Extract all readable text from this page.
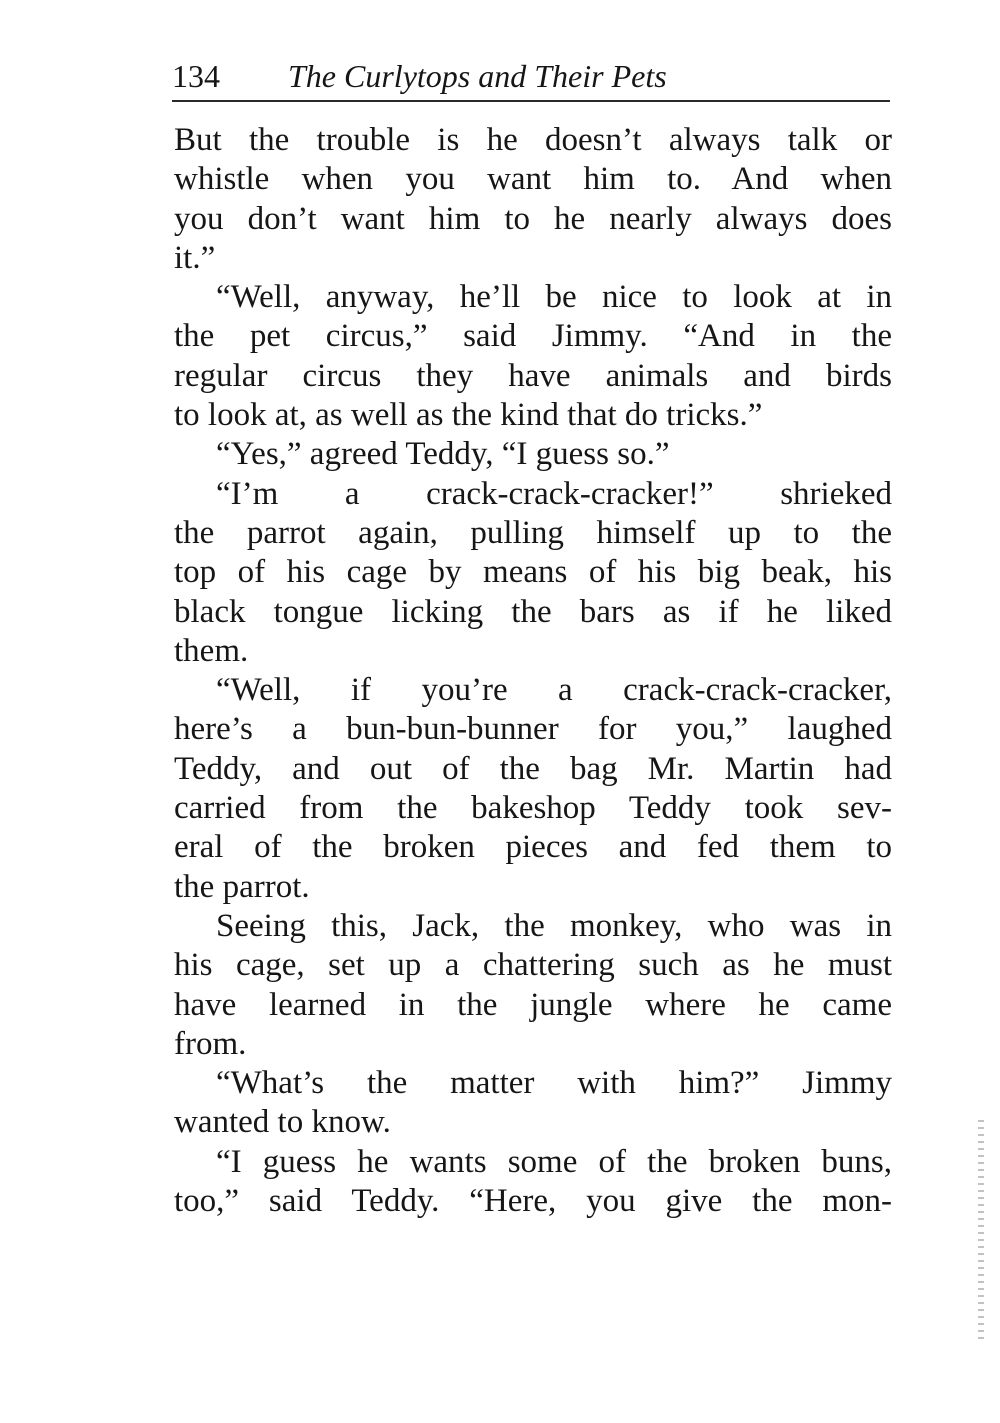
134 The Curlytops and Their Pets
But the trouble is he doesn’t always talk or
whistle when you want him to. And when
you don’t want him to he nearly always does
it.”
“Well, anyway, he’ll be nice to look at in
the pet circus,” said Jimmy. “And in the
regular circus they have animals and birds
to look at, as well as the kind that do tricks.”
“Yes,” agreed Teddy, “I guess so.”
“I’m a crack-crack-cracker!” shrieked
the parrot again, pulling himself up to the
top of his cage by means of his big beak, his
black tongue licking the bars as if he liked
them.
“Well, if you’re a crack-crack-cracker,
here’s a bun-bun-bunner for you,” laughed
Teddy, and out of the bag Mr. Martin had
carried from the bakeshop Teddy took sev-
eral of the broken pieces and fed them to
the parrot.
Seeing this, Jack, the monkey, who was in
his cage, set up a chattering such as he must
have learned in the jungle where he came
from.
“What’s the matter with him?” Jimmy
wanted to know.
“I guess he wants some of the broken buns,
too,” said Teddy. “Here, you give the mon-
